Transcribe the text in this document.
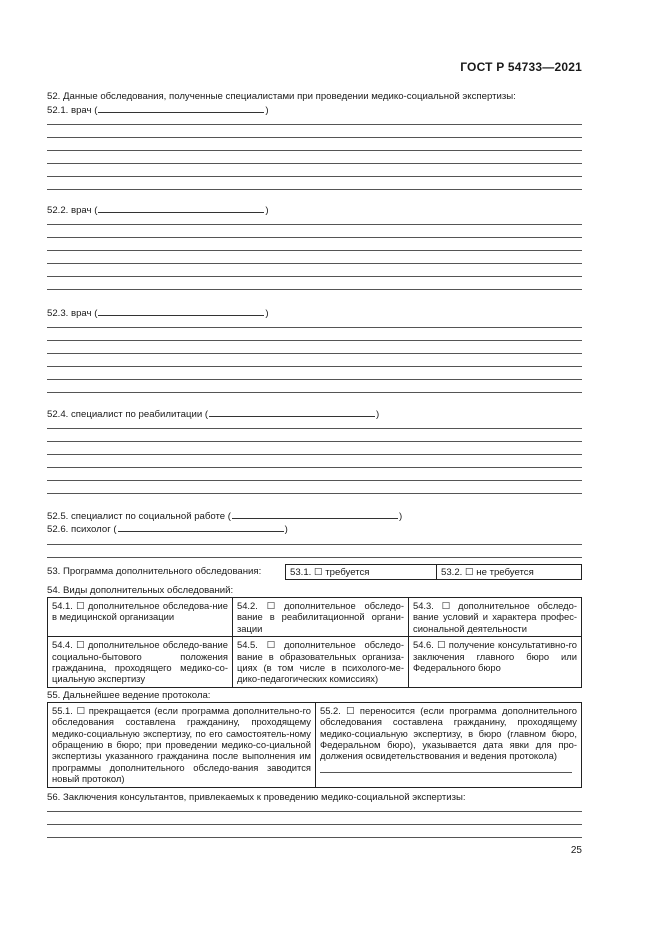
ГОСТ Р 54733—2021
52. Данные обследования, полученные специалистами при проведении медико-социальной экспертизы:
52.1. врач (	)
52.2. врач (	)
52.3. врач (	)
52.4. специалист по реабилитации (	)
52.5. специалист по социальной работе (	)
52.6. психолог (	)
53. Программа дополнительного обследования:	53.1. ☐ требуется	53.2. ☐ не требуется
54. Виды дополнительных обследований:
54.1. ☐ дополнительное обследова-ние в медицинской организации	54.2. ☐ дополнительное обследо-вание в реабилитационной органи-зации	54.3. ☐ дополнительное обследо-вание условий и характера профес-сиональной деятельности
54.4. ☐ дополнительное обследо-вание социально-бытового положения гражданина, проходящего медико-со-циальную экспертизу	54.5. ☐ дополнительное обследо-вание в образовательных организа-циях (в том числе в психолого-ме-дико-педагогических комиссиях)	54.6. ☐ получение консультативно-го заключения главного бюро или Федерального бюро
55. Дальнейшее ведение протокола:
55.1. ☐ прекращается (если программа дополнительно-го обследования составлена гражданину, проходящему медико-социальную экспертизу, по его самостоятель-ному обращению в бюро; при проведении медико-со-циальной экспертизы указанного гражданина после выполнения им программы дополнительного обследо-вания заводится новый протокол)	
55.2. ☐ переносится (если программа дополнительного обследования составлена гражданину, проходящему медико-социальную экспертизу, в бюро (главном бюро, Федеральном бюро), указывается дата явки для про-должения освидетельствования и ведения протокола)
56. Заключения консультантов, привлекаемых к проведению медико-социальной экспертизы:
25
